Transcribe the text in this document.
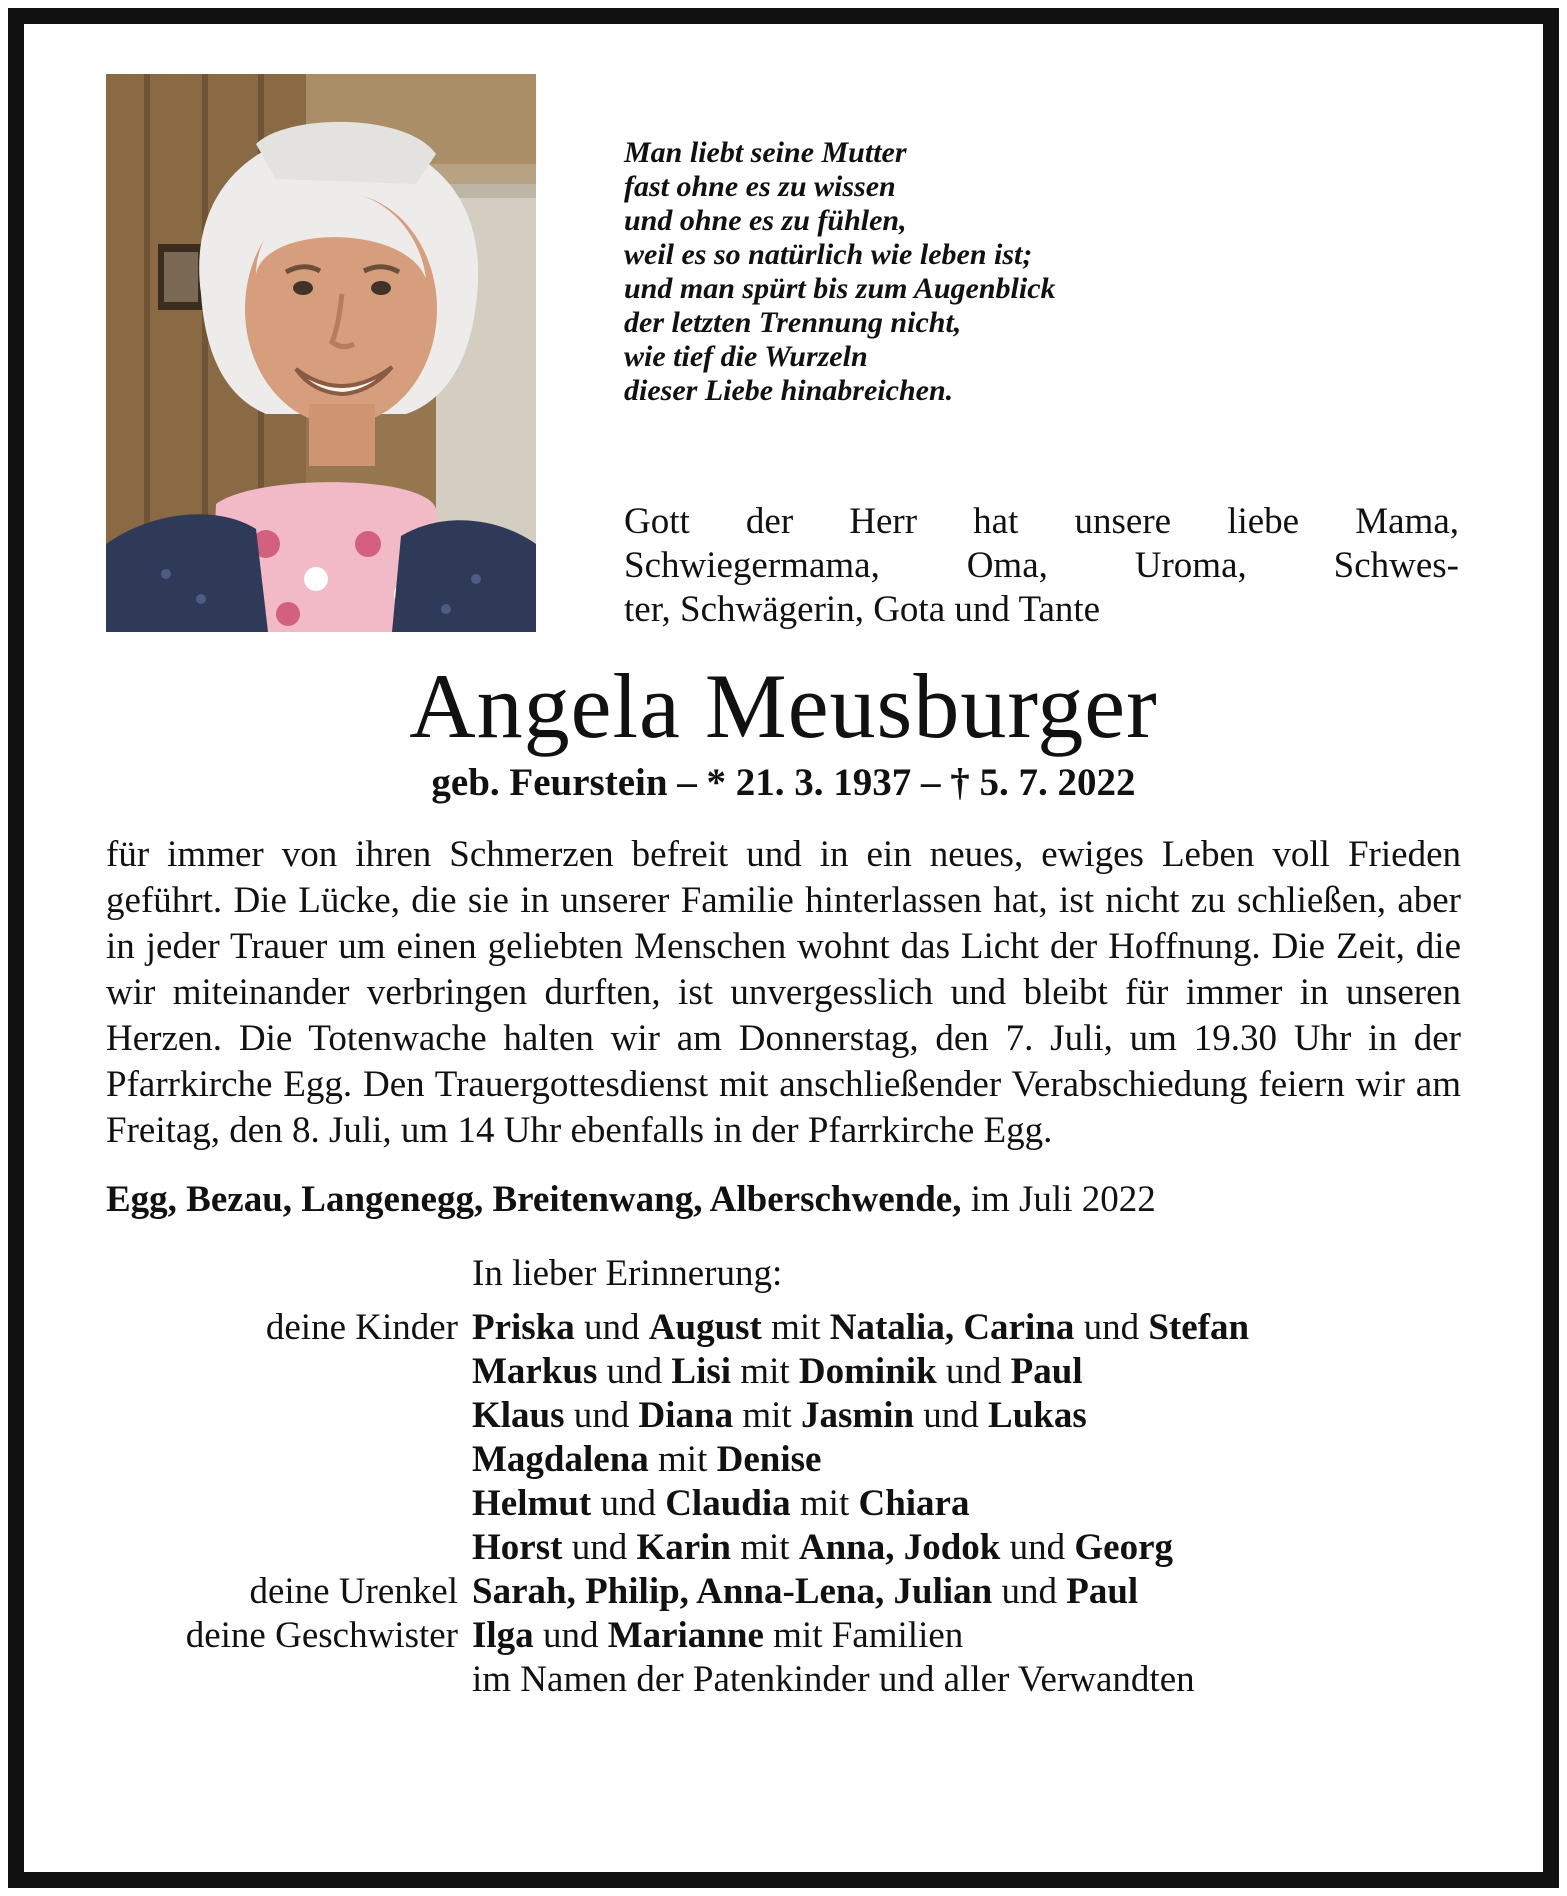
Man liebt seine Mutter
fast ohne es zu wissen
und ohne es zu fühlen,
weil es so natürlich wie leben ist;
und man spürt bis zum Augenblick
der letzten Trennung nicht,
wie tief die Wurzeln
dieser Liebe hinabreichen.
Gott der Herr hat unsere liebe Mama,
Schwiegermama, Oma, Uroma, Schwes-
ter, Schwägerin, Gota und Tante
Angela Meusburger
geb. Feurstein – * 21. 3. 1937 – † 5. 7. 2022

für immer von ihren Schmerzen befreit und in ein neues, ewiges Leben voll Frieden geführt. Die Lücke, die sie in unserer Familie hinterlassen hat, ist nicht zu schließen, aber in jeder Trauer um einen geliebten Menschen wohnt das Licht der Hoffnung. Die Zeit, die wir miteinander verbringen durften, ist unvergesslich und bleibt für immer in unseren Herzen. Die Totenwache halten wir am Donnerstag, den 7. Juli, um 19.30 Uhr in der Pfarrkirche Egg. Den Trauergottesdienst mit anschließender Verabschiedung feiern wir am Freitag, den 8. Juli, um 14 Uhr ebenfalls in der Pfarrkirche Egg.

Egg, Bezau, Langenegg, Breitenwang, Alberschwende, im Juli 2022
In lieber Erinnerung:
deine Kinder Priska und August mit Natalia, Carina und Stefan
Markus und Lisi mit Dominik und Paul
Klaus und Diana mit Jasmin und Lukas
Magdalena mit Denise
Helmut und Claudia mit Chiara
Horst und Karin mit Anna, Jodok und Georg
deine Urenkel Sarah, Philip, Anna-Lena, Julian und Paul
deine Geschwister Ilga und Marianne mit Familien
im Namen der Patenkinder und aller Verwandten
